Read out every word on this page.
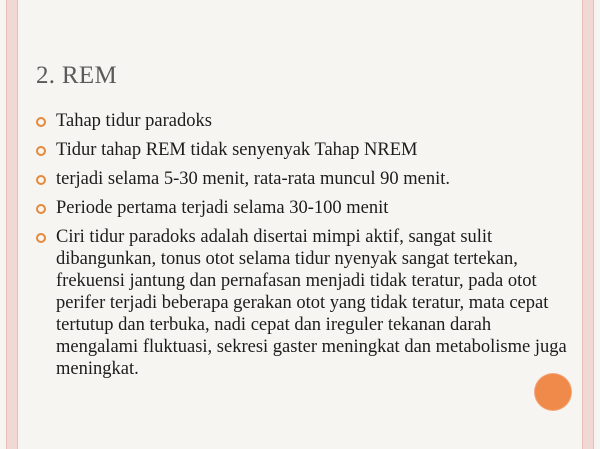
2. REM
Tahap tidur paradoks
Tidur tahap REM tidak senyenyak Tahap NREM
terjadi selama 5-30 menit, rata-rata muncul 90 menit.
Periode pertama terjadi selama 30-100 menit
Ciri tidur paradoks adalah disertai mimpi aktif, sangat sulit dibangunkan, tonus otot selama tidur nyenyak sangat tertekan, frekuensi jantung dan pernafasan menjadi tidak teratur, pada otot perifer terjadi beberapa gerakan otot yang tidak teratur, mata cepat tertutup dan terbuka, nadi cepat dan ireguler tekanan darah mengalami fluktuasi, sekresi gaster meningkat dan metabolisme juga meningkat.
